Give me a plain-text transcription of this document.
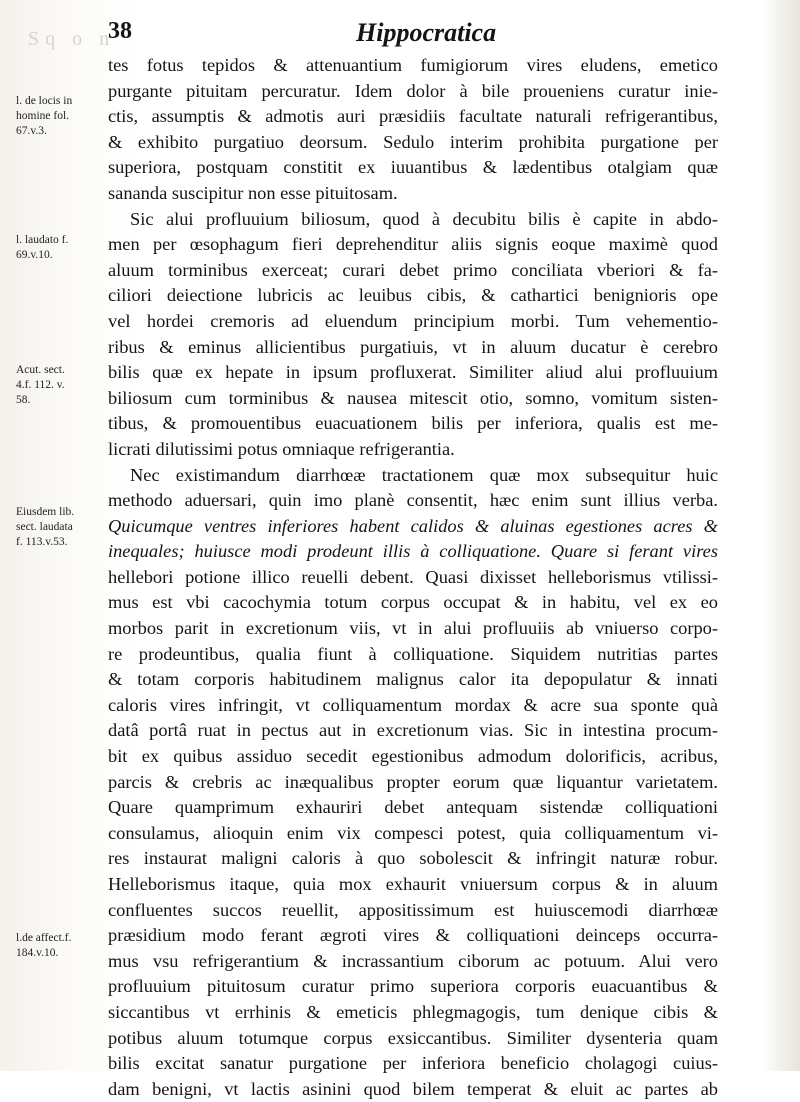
Sq o n
38	Hippocratica
l. de locis in
homine fol.
67.v.3.
l. laudato f.
69.v.10.
Acut. sect.
4.f. 112. v.
58.
Eiusdem lib.
sect. laudata
f. 113.v.53.
l.de affect.f.
184.v.10.
tes fotus tepidos & attenuantium fumigiorum vires eludens, emetico
purgante pituitam percuratur. Idem dolor à bile proueniens curatur inie-
ctis, assumptis & admotis auri præsidiis facultate naturali refrigerantibus,
& exhibito purgatiuo deorsum. Sedulo interim prohibita purgatione per
superiora, postquam constitit ex iuuantibus & lædentibus otalgiam quæ
sananda suscipitur non esse pituitosam.
Sic alui profluuium biliosum, quod à decubitu bilis è capite in abdo-
men per œsophagum fieri deprehenditur aliis signis eoque maximè quod
aluum torminibus exerceat; curari debet primo conciliata vberiori & fa-
ciliori deiectione lubricis ac leuibus cibis, & cathartici benignioris ope
vel hordei cremoris ad eluendum principium morbi. Tum vehementio-
ribus & eminus allicientibus purgatiuis, vt in aluum ducatur è cerebro
bilis quæ ex hepate in ipsum profluxerat. Similiter aliud alui profluuium
biliosum cum torminibus & nausea mitescit otio, somno, vomitum sisten-
tibus, & promouentibus euacuationem bilis per inferiora, qualis est me-
licrati dilutissimi potus omniaque refrigerantia.
Nec existimandum diarrhœæ tractationem quæ mox subsequitur huic
methodo aduersari, quin imo planè consentit, hæc enim sunt illius verba.
Quicumque ventres inferiores habent calidos & aluinas egestiones acres &
inequales; huiusce modi prodeunt illis à colliquatione. Quare si ferant vires
hellebori potione illico reuelli debent. Quasi dixisset helleborismus vtilissi-
mus est vbi cacochymia totum corpus occupat & in habitu, vel ex eo
morbos parit in excretionum viis, vt in alui profluuiis ab vniuerso corpo-
re prodeuntibus, qualia fiunt à colliquatione. Siquidem nutritias partes
& totam corporis habitudinem malignus calor ita depopulatur & innati
caloris vires infringit, vt colliquamentum mordax & acre sua sponte quà
datâ portâ ruat in pectus aut in excretionum vias. Sic in intestina procum-
bit ex quibus assiduo secedit egestionibus admodum dolorificis, acribus,
parcis & crebris ac inæqualibus propter eorum quæ liquantur varietatem.
Quare quamprimum exhauriri debet antequam sistendæ colliquationi
consulamus, alioquin enim vix compesci potest, quia colliquamentum vi-
res instaurat maligni caloris à quo sobolescit & infringit naturæ robur.
Helleborismus itaque, quia mox exhaurit vniuersum corpus & in aluum
confluentes succos reuellit, appositissimum est huiuscemodi diarrhœæ
præsidium modo ferant ægroti vires & colliquationi deinceps occurra-
mus vsu refrigerantium & incrassantium ciborum ac potuum. Alui vero
profluuium pituitosum curatur primo superiora corporis euacuantibus &
siccantibus vt errhinis & emeticis phlegmagogis, tum denique cibis &
potibus aluum totumque corpus exsiccantibus. Similiter dysenteria quam
bilis excitat sanatur purgatione per inferiora beneficio cholagogi cuius-
dam benigni, vt lactis asinini quod bilem temperat & eluit ac partes ab
